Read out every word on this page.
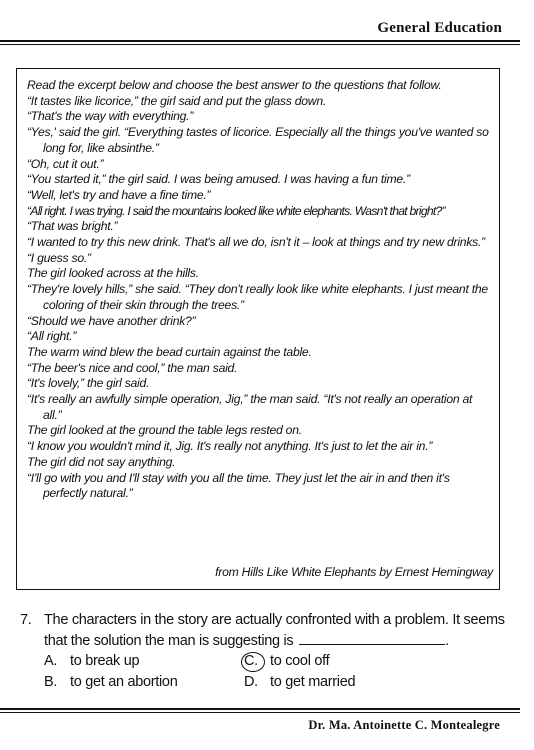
General Education

Read the excerpt below and choose the best answer to the questions that follow.

“It tastes like licorice,” the girl said and put the glass down.

“That's the way with everything.”

“Yes,' said the girl. “Everything tastes of licorice. Especially all the things you've wanted so long for, like absinthe.”

“Oh, cut it out.”

“You started it,” the girl said. I was being amused. I was having a fun time.”

“Well, let's try and have a fine time.”

“All right. I was trying. I said the mountains looked like white elephants. Wasn't that bright?”

“That was bright.”

“I wanted to try this new drink. That's all we do, isn't it – look at things and try new drinks.”

“I guess so.”

The girl looked across at the hills.

“They're lovely hills,” she said. “They don't really look like white elephants. I just meant the coloring of their skin through the trees.”

“Should we have another drink?”

“All right.”

The warm wind blew the bead curtain against the table.

“The beer's nice and cool,” the man said.

“It's lovely,” the girl said.

“It's really an awfully simple operation, Jig,” the man said. “It's not really an operation at all.”

The girl looked at the ground the table legs rested on.

“I know you wouldn't mind it, Jig. It's really not anything. It's just to let the air in.”

The girl did not say anything.

“I'll go with you and I'll stay with you all the time. They just let the air in and then it's perfectly natural.”

from Hills Like White Elephants by Ernest Hemingway
7. The characters in the story are actually confronted with a problem. It seems that the solution the man is suggesting is	.
A. to break up	C. to cool off
B. to get an abortion	D. to get married
Dr. Ma. Antoinette C. Montealegre
